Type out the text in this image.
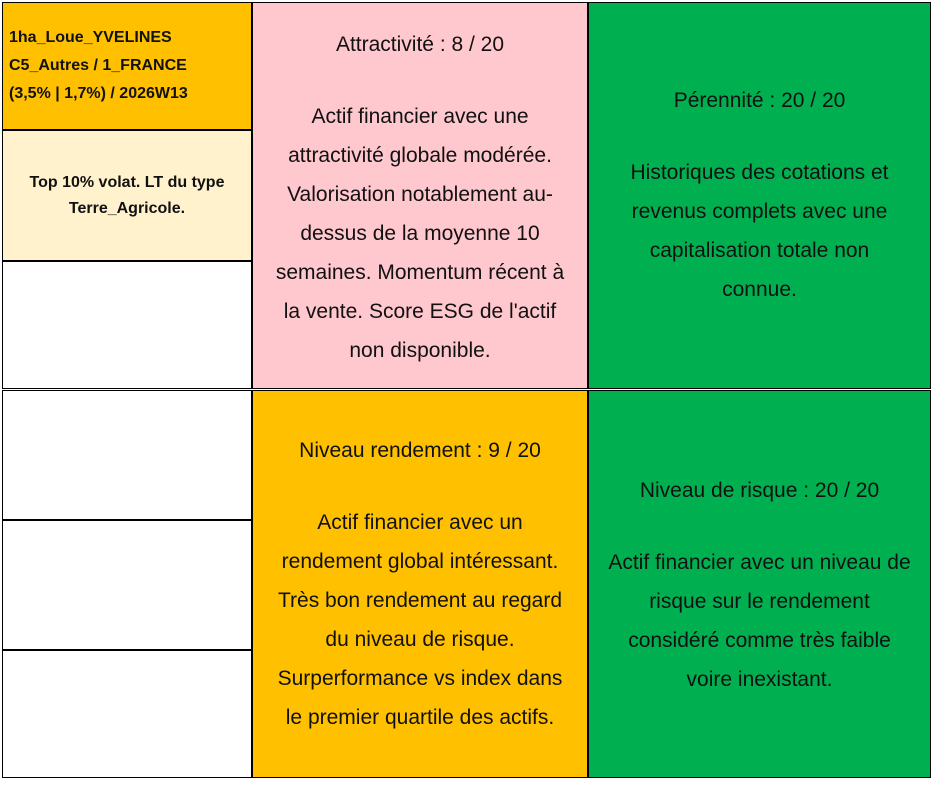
1ha_Loue_YVELINES
C5_Autres / 1_FRANCE
(3,5% | 1,7%) / 2026W13
Top 10% volat. LT du type
Terre_Agricole.
Attractivité : 8 / 20
Actif financier avec une
attractivité globale modérée.
Valorisation notablement au-
dessus de la moyenne 10
semaines. Momentum récent à
la vente. Score ESG de l'actif
non disponible.
Pérennité : 20 / 20
Historiques des cotations et
revenus complets avec une
capitalisation totale non
connue.
Niveau rendement : 9 / 20
Actif financier avec un
rendement global intéressant.
Très bon rendement au regard
du niveau de risque.
Surperformance vs index dans
le premier quartile des actifs.
Niveau de risque : 20 / 20
Actif financier avec un niveau de
risque sur le rendement
considéré comme très faible
voire inexistant.
